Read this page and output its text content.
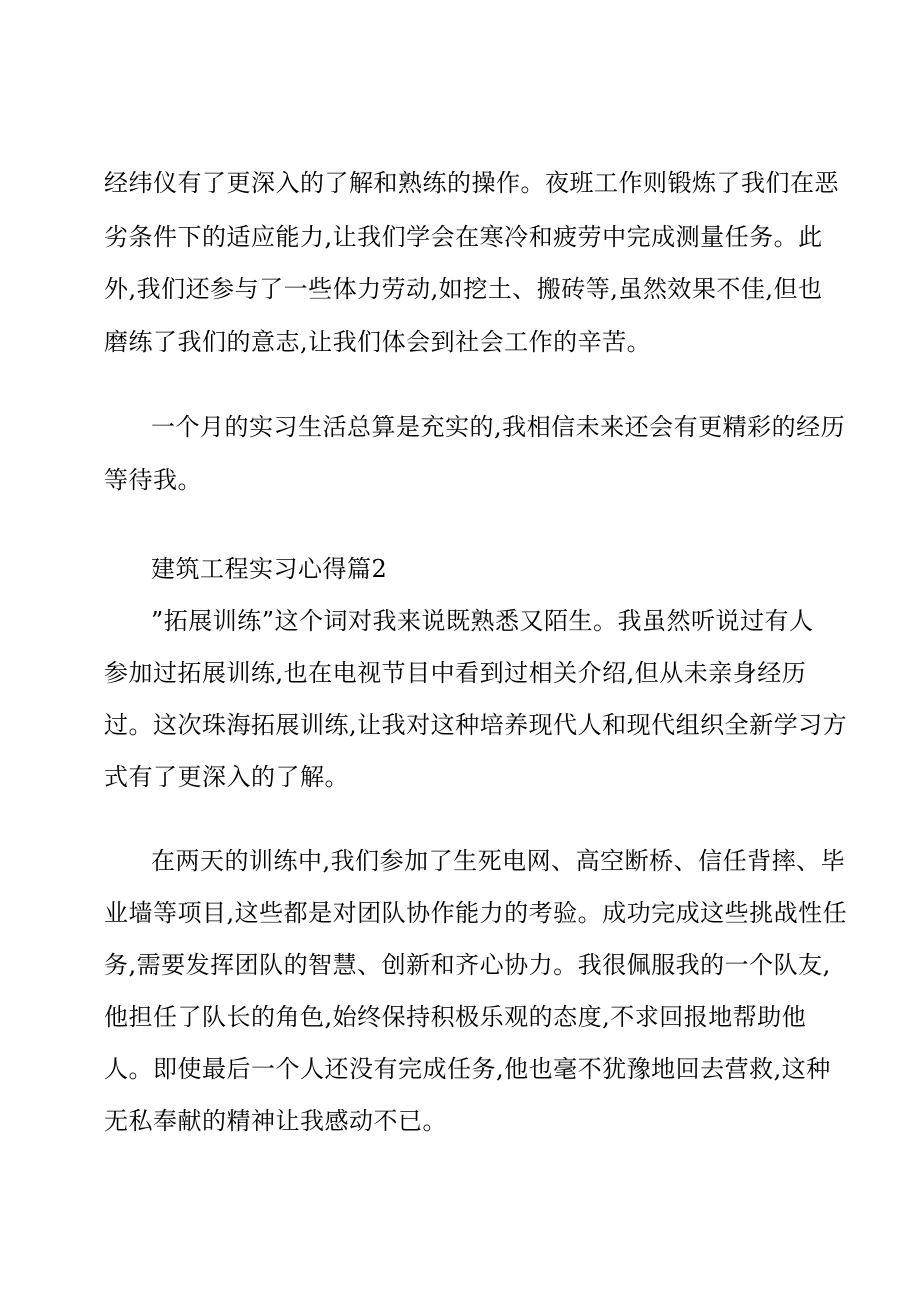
经纬仪有了更深入的了解和熟练的操作。夜班工作则锻炼了我们在恶
劣条件下的适应能力,让我们学会在寒冷和疲劳中完成测量任务。此
外,我们还参与了一些体力劳动,如挖土、搬砖等,虽然效果不佳,但也
磨练了我们的意志,让我们体会到社会工作的辛苦。
一个月的实习生活总算是充实的,我相信未来还会有更精彩的经历
等待我。
建筑工程实习心得篇2
”拓展训练”这个词对我来说既熟悉又陌生。我虽然听说过有人
参加过拓展训练,也在电视节目中看到过相关介绍,但从未亲身经历
过。这次珠海拓展训练,让我对这种培养现代人和现代组织全新学习方
式有了更深入的了解。
在两天的训练中,我们参加了生死电网、高空断桥、信任背摔、毕
业墙等项目,这些都是对团队协作能力的考验。成功完成这些挑战性任
务,需要发挥团队的智慧、创新和齐心协力。我很佩服我的一个队友,
他担任了队长的角色,始终保持积极乐观的态度,不求回报地帮助他
人。即使最后一个人还没有完成任务,他也毫不犹豫地回去营救,这种
无私奉献的精神让我感动不已。
